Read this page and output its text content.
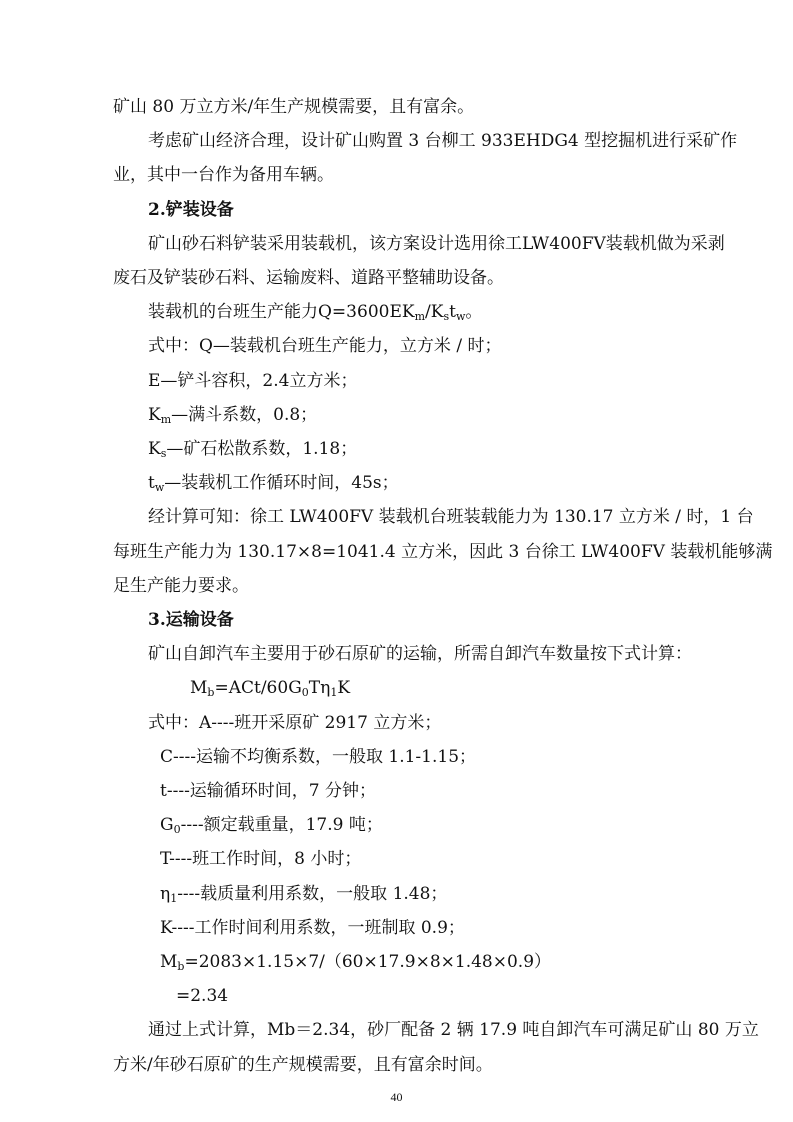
矿山 80 万立方米/年生产规模需要，且有富余。
考虑矿山经济合理，设计矿山购置 3 台柳工 933EHDG4 型挖掘机进行采矿作
业，其中一台作为备用车辆。
2.铲装设备
矿山砂石料铲装采用装载机，该方案设计选用徐工LW400FV装载机做为采剥
废石及铲装砂石料、运输废料、道路平整辅助设备。
装载机的台班生产能力$Q=3600EK_m/K_st_w$。
式中：Q—装载机台班生产能力，立方米 / 时；
E—铲斗容积，2.4立方米；
$K_m—$满斗系数，0.8；
$K_s—$矿石松散系数，1.18；
$t_w—$装载机工作循环时间，45s；
经计算可知：徐工 LW400FV 装载机台班装载能力为 130.17 立方米 / 时，1 台
每班生产能力为 130.17×8=1041.4 立方米，因此 3 台徐工 LW400FV 装载机能够满
足生产能力要求。
3.运输设备
矿山自卸汽车主要用于砂石原矿的运输，所需自卸汽车数量按下式计算：
$M_b=ACt/60G_0T\eta_1K$
式中：A----班开采原矿 2917 立方米；
C----运输不均衡系数，一般取 1.1-1.15；
t----运输循环时间，7 分钟；
$G_0----$额定载重量，17.9 吨；
T----班工作时间，8 小时；
$\eta_1----$载质量利用系数，一般取 1.48；
K----工作时间利用系数，一班制取 0.9；
$M_b=2083\times 1.15\times 7/(60\times 17.9\times 8\times 1.48\times 0.9)$
=2.34
通过上式计算，Mb＝2.34，砂厂配备 2 辆 17.9 吨自卸汽车可满足矿山 80 万立
方米/年砂石原矿的生产规模需要，且有富余时间。
40
